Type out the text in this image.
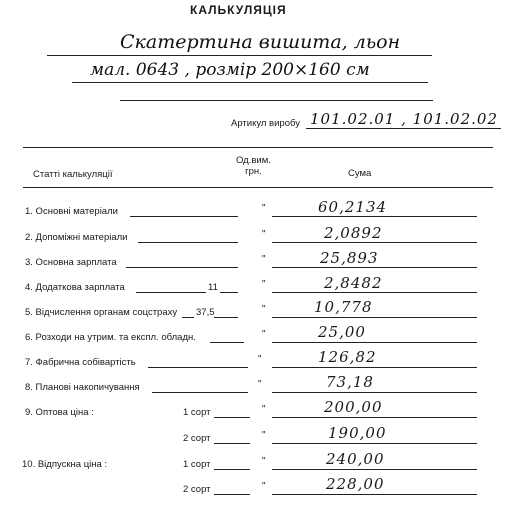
КАЛЬКУЛЯЦІЯ
Скатертина вишита, льон
мал. 0643 , розмір 200×160 см
Артикул виробу 101.02.01 , 101.02.02
Статті калькуляції
Од.вим.
грн.	Сума
1. Основні матеріали	"	60,2134
2. Допоміжні матеріали	"	2,0892
3. Основна зарплата	"	25,893
4. Додаткова зарплата	11	"	2,8482
5. Відчислення органам соцстраху 37,5	"	10,778
6. Розходи на утрим. та експл. обладн.	"	25,00
7. Фабрична собівартість	"	126,82
8. Планові накопичування	"	73,18
9. Оптова ціна :	1 сорт	"	200,00
2 сорт	"	190,00
10. Відпускна ціна :	1 сорт	"	240,00
2 сорт	"	228,00
